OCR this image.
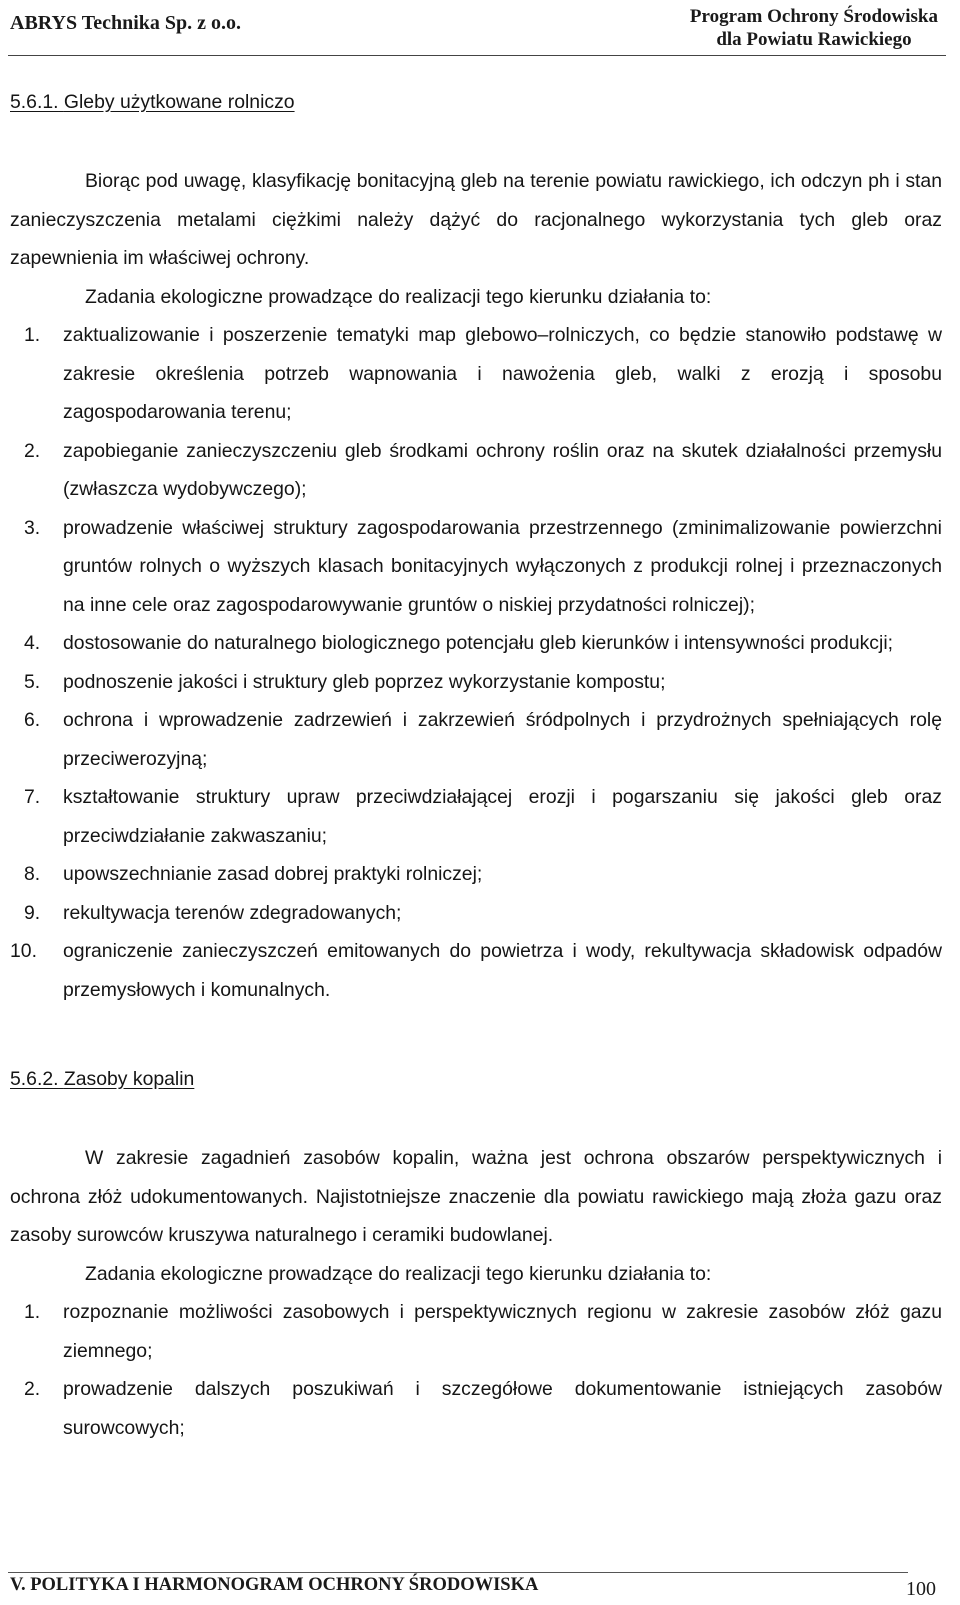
ABRYS Technika Sp. z o.o.	Program Ochrony Środowiska
dla Powiatu Rawickiego
5.6.1. Gleby użytkowane rolniczo

Biorąc pod uwagę, klasyfikację bonitacyjną gleb na terenie powiatu rawickiego, ich odczyn ph i stan zanieczyszczenia metalami ciężkimi należy dążyć do racjonalnego wykorzystania tych gleb oraz zapewnienia im właściwej ochrony.

Zadania ekologiczne prowadzące do realizacji tego kierunku działania to:

1. zaktualizowanie i poszerzenie tematyki map glebowo–rolniczych, co będzie stanowiło podstawę w zakresie określenia potrzeb wapnowania i nawożenia gleb, walki z erozją i sposobu zagospodarowania terenu;
2. zapobieganie zanieczyszczeniu gleb środkami ochrony roślin oraz na skutek działalności przemysłu (zwłaszcza wydobywczego);
3. prowadzenie właściwej struktury zagospodarowania przestrzennego (zminimalizowanie powierzchni gruntów rolnych o wyższych klasach bonitacyjnych wyłączonych z produkcji rolnej i przeznaczonych na inne cele oraz zagospodarowywanie gruntów o niskiej przydatności rolniczej);
4. dostosowanie do naturalnego biologicznego potencjału gleb kierunków i intensywności produkcji;
5. podnoszenie jakości i struktury gleb poprzez wykorzystanie kompostu;
6. ochrona i wprowadzenie zadrzewień i zakrzewień śródpolnych i przydrożnych spełniających rolę przeciwerozyjną;
7. kształtowanie struktury upraw przeciwdziałającej erozji i pogarszaniu się jakości gleb oraz przeciwdziałanie zakwaszaniu;
8. upowszechnianie zasad dobrej praktyki rolniczej;
9. rekultywacja terenów zdegradowanych;
10. ograniczenie zanieczyszczeń emitowanych do powietrza i wody, rekultywacja składowisk odpadów przemysłowych i komunalnych.
5.6.2. Zasoby kopalin

W zakresie zagadnień zasobów kopalin, ważna jest ochrona obszarów perspektywicznych i ochrona złóż udokumentowanych. Najistotniejsze znaczenie dla powiatu rawickiego mają złoża gazu oraz zasoby surowców kruszywa naturalnego i ceramiki budowlanej.

Zadania ekologiczne prowadzące do realizacji tego kierunku działania to:

1. rozpoznanie możliwości zasobowych i perspektywicznych regionu w zakresie zasobów złóż gazu ziemnego;
2. prowadzenie dalszych poszukiwań i szczegółowe dokumentowanie istniejących zasobów surowcowych;
V. POLITYKA I HARMONOGRAM OCHRONY ŚRODOWISKA	100
